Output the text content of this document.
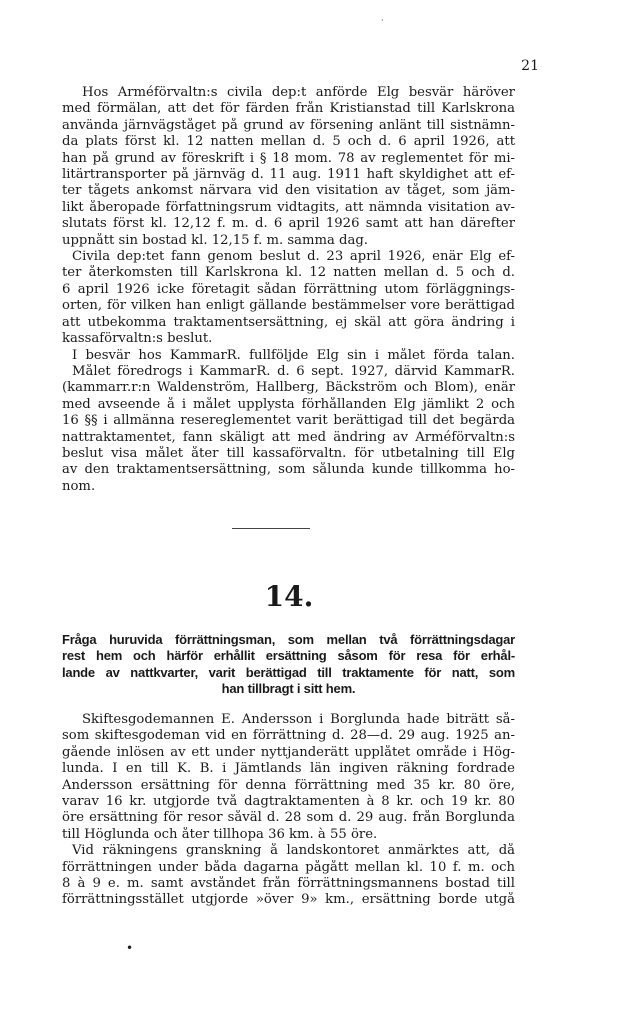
·
21
Hos Arméförvaltn:s civila dep:t anförde Elg besvär häröver
med förmälan, att det för färden från Kristianstad till Karlskrona
använda järnvägståget på grund av försening anlänt till sistnämn-
da plats först kl. 12 natten mellan d. 5 och d. 6 april 1926, att
han på grund av föreskrift i § 18 mom. 78 av reglementet för mi-
litärtransporter på järnväg d. 11 aug. 1911 haft skyldighet att ef-
ter tågets ankomst närvara vid den visitation av tåget, som jäm-
likt åberopade författningsrum vidtagits, att nämnda visitation av-
slutats först kl. 12,12 f. m. d. 6 april 1926 samt att han därefter
uppnått sin bostad kl. 12,15 f. m. samma dag.
Civila dep:tet fann genom beslut d. 23 april 1926, enär Elg ef-
ter återkomsten till Karlskrona kl. 12 natten mellan d. 5 och d.
6 april 1926 icke företagit sådan förrättning utom förläggnings-
orten, för vilken han enligt gällande bestämmelser vore berättigad
att utbekomma traktamentsersättning, ej skäl att göra ändring i
kassaförvaltn:s beslut.
I besvär hos KammarR. fullföljde Elg sin i målet förda talan.
Målet föredrogs i KammarR. d. 6 sept. 1927, därvid KammarR.
(kammarr.r:n Waldenström, Hallberg, Bäckström och Blom), enär
med avseende å i målet upplysta förhållanden Elg jämlikt 2 och
16 §§ i allmänna resereglementet varit berättigad till det begärda
nattraktamentet, fann skäligt att med ändring av Arméförvaltn:s
beslut visa målet åter till kassaförvaltn. för utbetalning till Elg
av den traktamentsersättning, som sålunda kunde tillkomma ho-
nom.
14.
Fråga huruvida förrättningsman, som mellan två förrättningsdagar
rest hem och härför erhållit ersättning såsom för resa för erhål-
lande av nattkvarter, varit berättigad till traktamente för natt, som
han tillbragt i sitt hem.
Skiftesgodemannen E. Andersson i Borglunda hade biträtt så-
som skiftesgodeman vid en förrättning d. 28—d. 29 aug. 1925 an-
gående inlösen av ett under nyttjanderätt upplåtet område i Hög-
lunda. I en till K. B. i Jämtlands län ingiven räkning fordrade
Andersson ersättning för denna förrättning med 35 kr. 80 öre,
varav 16 kr. utgjorde två dagtraktamenten à 8 kr. och 19 kr. 80
öre ersättning för resor såväl d. 28 som d. 29 aug. från Borglunda
till Höglunda och åter tillhopa 36 km. à 55 öre.
Vid räkningens granskning å landskontoret anmärktes att, då
förrättningen under båda dagarna pågått mellan kl. 10 f. m. och
8 à 9 e. m. samt avståndet från förrättningsmannens bostad till
förrättningsstället utgjorde »över 9» km., ersättning borde utgå
•
